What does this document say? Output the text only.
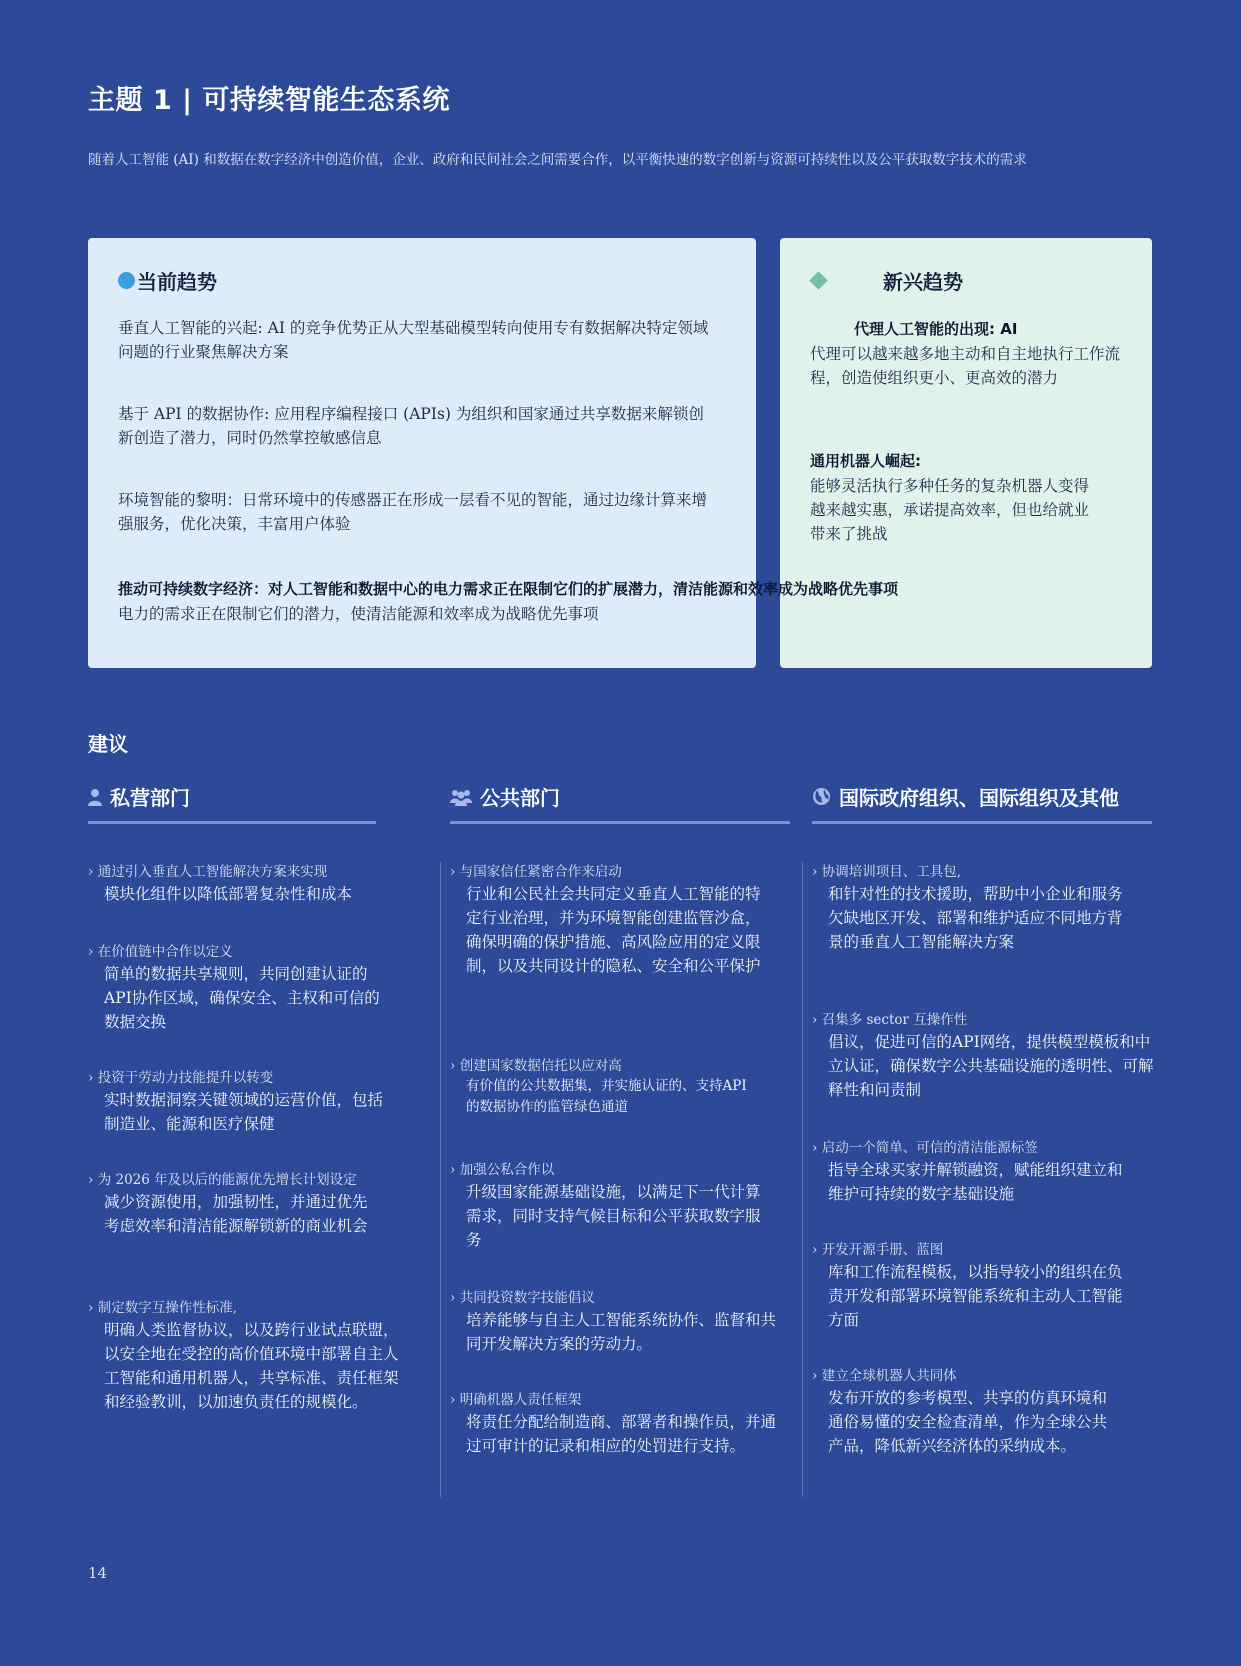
主题 1 | 可持续智能生态系统
随着人工智能 (AI) 和数据在数字经济中创造价值，企业、政府和民间社会之间需要合作，以平衡快速的数字创新与资源可持续性以及公平获取数字技术的需求
当前趋势
垂直人工智能的兴起: AI 的竞争优势正从大型基础模型转向使用专有数据解决特定领域问题的行业聚焦解决方案
基于 API 的数据协作: 应用程序编程接口 (APIs) 为组织和国家通过共享数据来解锁创新创造了潜力，同时仍然掌控敏感信息
环境智能的黎明：日常环境中的传感器正在形成一层看不见的智能，通过边缘计算来增强服务，优化决策，丰富用户体验
电力的需求正在限制它们的潜力，使清洁能源和效率成为战略优先事项
新兴趋势
代理人工智能的出现: AI
代理可以越来越多地主动和自主地执行工作流程，创造使组织更小、更高效的潜力
通用机器人崛起:
能够灵活执行多种任务的复杂机器人变得越来越实惠，承诺提高效率，但也给就业带来了挑战
推动可持续数字经济：对人工智能和数据中心的电力需求正在限制它们的扩展潜力，清洁能源和效率成为战略优先事项
建议
私营部门	公共部门	国际政府组织、国际组织及其他
› 通过引入垂直人工智能解决方案来实现
模块化组件以降低部署复杂性和成本
› 在价值链中合作以定义
简单的数据共享规则，共同创建认证的API协作区域，确保安全、主权和可信的数据交换
› 投资于劳动力技能提升以转变
实时数据洞察关键领域的运营价值，包括制造业、能源和医疗保健
› 为 2026 年及以后的能源优先增长计划设定
减少资源使用，加强韧性，并通过优先考虑效率和清洁能源解锁新的商业机会
› 制定数字互操作性标准,
明确人类监督协议，以及跨行业试点联盟，以安全地在受控的高价值环境中部署自主人工智能和通用机器人，共享标准、责任框架和经验教训，以加速负责任的规模化。
› 与国家信任紧密合作来启动
行业和公民社会共同定义垂直人工智能的特定行业治理，并为环境智能创建监管沙盒，确保明确的保护措施、高风险应用的定义限制，以及共同设计的隐私、安全和公平保护
› 创建国家数据信托以应对高
有价值的公共数据集，并实施认证的、支持API的数据协作的监管绿色通道
› 加强公私合作以
升级国家能源基础设施，以满足下一代计算需求，同时支持气候目标和公平获取数字服务
› 共同投资数字技能倡议
培养能够与自主人工智能系统协作、监督和共同开发解决方案的劳动力。
› 明确机器人责任框架
将责任分配给制造商、部署者和操作员，并通过可审计的记录和相应的处罚进行支持。
› 协调培训项目、工具包,
和针对性的技术援助，帮助中小企业和服务欠缺地区开发、部署和维护适应不同地方背景的垂直人工智能解决方案
› 召集多 sector 互操作性
倡议，促进可信的API网络，提供模型模板和中立认证，确保数字公共基础设施的透明性、可解释性和问责制
› 启动一个简单、可信的清洁能源标签
指导全球买家并解锁融资，赋能组织建立和维护可持续的数字基础设施
› 开发开源手册、蓝图
库和工作流程模板，以指导较小的组织在负责开发和部署环境智能系统和主动人工智能方面
› 建立全球机器人共同体
发布开放的参考模型、共享的仿真环境和通俗易懂的安全检查清单，作为全球公共产品，降低新兴经济体的采纳成本。
14
